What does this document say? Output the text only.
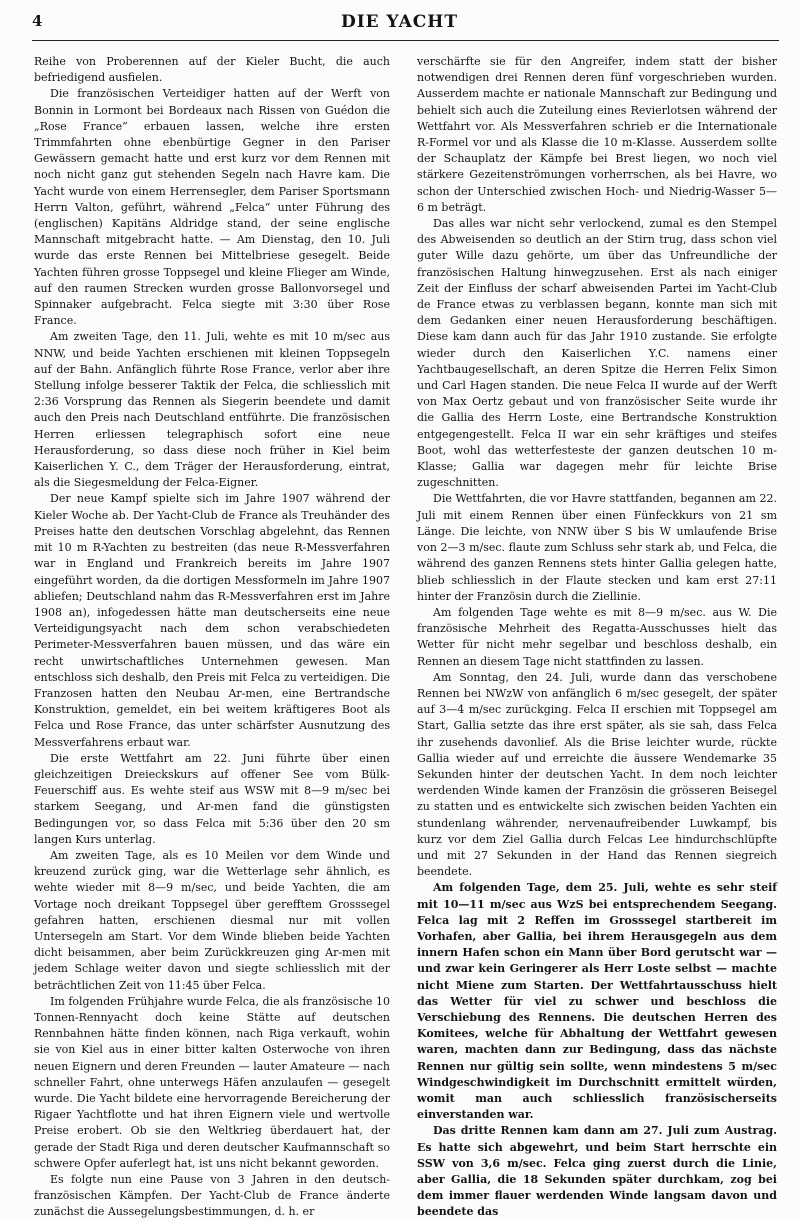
4	DIE YACHT

Reihe von Proberennen auf der Kieler Bucht, die auch befriedigend ausfielen.

Die französischen Verteidiger hatten auf der Werft von Bonnin in Lormont bei Bordeaux nach Rissen von Guédon die „Rose France“ erbauen lassen, welche ihre ersten Trimmfahrten ohne ebenbürtige Gegner in den Pariser Gewässern gemacht hatte und erst kurz vor dem Rennen mit noch nicht ganz gut stehenden Segeln nach Havre kam. Die Yacht wurde von einem Herrensegler, dem Pariser Sportsmann Herrn Valton, geführt, während „Felca“ unter Führung des (englischen) Kapitäns Aldridge stand, der seine englische Mannschaft mitgebracht hatte. — Am Dienstag, den 10. Juli wurde das erste Rennen bei Mittelbriese gesegelt. Beide Yachten führen grosse Toppsegel und kleine Flieger am Winde, auf den raumen Strecken wurden grosse Ballonvorsegel und Spinnaker aufgebracht. Felca siegte mit 3:30 über Rose France.

Am zweiten Tage, den 11. Juli, wehte es mit 10 m/sec aus NNW, und beide Yachten erschienen mit kleinen Toppsegeln auf der Bahn. Anfänglich führte Rose France, verlor aber ihre Stellung infolge besserer Taktik der Felca, die schliesslich mit 2:36 Vorsprung das Rennen als Siegerin beendete und damit auch den Preis nach Deutschland entführte. Die französischen Herren erliessen telegraphisch sofort eine neue Herausforderung, so dass diese noch früher in Kiel beim Kaiserlichen Y. C., dem Träger der Herausforderung, eintrat, als die Siegesmeldung der Felca-Eigner.

Der neue Kampf spielte sich im Jahre 1907 während der Kieler Woche ab. Der Yacht-Club de France als Treuhänder des Preises hatte den deutschen Vorschlag abgelehnt, das Rennen mit 10 m R-Yachten zu bestreiten (das neue R-Messverfahren war in England und Frankreich bereits im Jahre 1907 eingeführt worden, da die dortigen Messformeln im Jahre 1907 abliefen; Deutschland nahm das R-Messverfahren erst im Jahre 1908 an), infogedessen hätte man deutscherseits eine neue Verteidigungsyacht nach dem schon verabschiedeten Perimeter-Messverfahren bauen müssen, und das wäre ein recht unwirtschaftliches Unternehmen gewesen. Man entschloss sich deshalb, den Preis mit Felca zu verteidigen. Die Franzosen hatten den Neubau Ar-men, eine Bertrandsche Konstruktion, gemeldet, ein bei weitem kräftigeres Boot als Felca und Rose France, das unter schärfster Ausnutzung des Messverfahrens erbaut war.

Die erste Wettfahrt am 22. Juni führte über einen gleichzeitigen Dreieckskurs auf offener See vom Bülk-Feuerschiff aus. Es wehte steif aus WSW mit 8—9 m/sec bei starkem Seegang, und Ar-men fand die günstigsten Bedingungen vor, so dass Felca mit 5:36 über den 20 sm langen Kurs unterlag.

Am zweiten Tage, als es 10 Meilen vor dem Winde und kreuzend zurück ging, war die Wetterlage sehr ähnlich, es wehte wieder mit 8—9 m/sec, und beide Yachten, die am Vortage noch dreikant Toppsegel über gerefftem Grosssegel gefahren hatten, erschienen diesmal nur mit vollen Untersegeln am Start. Vor dem Winde blieben beide Yachten dicht beisammen, aber beim Zurückkreuzen ging Ar-men mit jedem Schlage weiter davon und siegte schliesslich mit der beträchtlichen Zeit von 11:45 über Felca.

Im folgenden Frühjahre wurde Felca, die als französische 10 Tonnen-Rennyacht doch keine Stätte auf deutschen Rennbahnen hätte finden können, nach Riga verkauft, wohin sie von Kiel aus in einer bitter kalten Osterwoche von ihren neuen Eignern und deren Freunden — lauter Amateure — nach schneller Fahrt, ohne unterwegs Häfen anzulaufen — gesegelt wurde. Die Yacht bildete eine hervorragende Bereicherung der Rigaer Yachtflotte und hat ihren Eignern viele und wertvolle Preise erobert. Ob sie den Weltkrieg überdauert hat, der gerade der Stadt Riga und deren deutscher Kaufmannschaft so schwere Opfer auferlegt hat, ist uns nicht bekannt geworden.

Es folgte nun eine Pause von 3 Jahren in den deutsch-französischen Kämpfen. Der Yacht-Club de France änderte zunächst die Aussegelungsbestimmungen, d. h. er

verschärfte sie für den Angreifer, indem statt der bisher notwendigen drei Rennen deren fünf vorgeschrieben wurden. Ausserdem machte er nationale Mannschaft zur Bedingung und behielt sich auch die Zuteilung eines Revierlotsen während der Wettfahrt vor. Als Messverfahren schrieb er die Internationale R-Formel vor und als Klasse die 10 m-Klasse. Ausserdem sollte der Schauplatz der Kämpfe bei Brest liegen, wo noch viel stärkere Gezeitenströmungen vorherrschen, als bei Havre, wo schon der Unterschied zwischen Hoch- und Niedrig-Wasser 5—6 m beträgt.

Das alles war nicht sehr verlockend, zumal es den Stempel des Abweisenden so deutlich an der Stirn trug, dass schon viel guter Wille dazu gehörte, um über das Unfreundliche der französischen Haltung hinwegzusehen. Erst als nach einiger Zeit der Einfluss der scharf abweisenden Partei im Yacht-Club de France etwas zu verblassen begann, konnte man sich mit dem Gedanken einer neuen Herausforderung beschäftigen. Diese kam dann auch für das Jahr 1910 zustande. Sie erfolgte wieder durch den Kaiserlichen Y.C. namens einer Yachtbaugesellschaft, an deren Spitze die Herren Felix Simon und Carl Hagen standen. Die neue Felca II wurde auf der Werft von Max Oertz gebaut und von französischer Seite wurde ihr die Gallia des Herrn Loste, eine Bertrandsche Konstruktion entgegengestellt. Felca II war ein sehr kräftiges und steifes Boot, wohl das wetterfesteste der ganzen deutschen 10 m-Klasse; Gallia war dagegen mehr für leichte Brise zugeschnitten.

Die Wettfahrten, die vor Havre stattfanden, begannen am 22. Juli mit einem Rennen über einen Fünfeckkurs von 21 sm Länge. Die leichte, von NNW über S bis W umlaufende Brise von 2—3 m/sec. flaute zum Schluss sehr stark ab, und Felca, die während des ganzen Rennens stets hinter Gallia gelegen hatte, blieb schliesslich in der Flaute stecken und kam erst 27:11 hinter der Französin durch die Ziellinie.

Am folgenden Tage wehte es mit 8—9 m/sec. aus W. Die französische Mehrheit des Regatta-Ausschusses hielt das Wetter für nicht mehr segelbar und beschloss deshalb, ein Rennen an diesem Tage nicht stattfinden zu lassen.

Am Sonntag, den 24. Juli, wurde dann das verschobene Rennen bei NWzW von anfänglich 6 m/sec gesegelt, der später auf 3—4 m/sec zurückging. Felca II erschien mit Toppsegel am Start, Gallia setzte das ihre erst später, als sie sah, dass Felca ihr zusehends davonlief. Als die Brise leichter wurde, rückte Gallia wieder auf und erreichte die äussere Wendemarke 35 Sekunden hinter der deutschen Yacht. In dem noch leichter werdenden Winde kamen der Französin die grösseren Beisegel zu statten und es entwickelte sich zwischen beiden Yachten ein stundenlang währender, nervenaufreibender Luwkampf, bis kurz vor dem Ziel Gallia durch Felcas Lee hindurchschlüpfte und mit 27 Sekunden in der Hand das Rennen siegreich beendete.

Am folgenden Tage, dem 25. Juli, wehte es sehr steif mit 10—11 m/sec aus WzS bei entsprechendem Seegang. Felca lag mit 2 Reffen im Grosssegel startbereit im Vorhafen, aber Gallia, bei ihrem Herausgegeln aus dem innern Hafen schon ein Mann über Bord gerutscht war — und zwar kein Geringerer als Herr Loste selbst — machte nicht Miene zum Starten. Der Wettfahrtausschuss hielt das Wetter für viel zu schwer und beschloss die Verschiebung des Rennens. Die deutschen Herren des Komitees, welche für Abhaltung der Wettfahrt gewesen waren, machten dann zur Bedingung, dass das nächste Rennen nur gültig sein sollte, wenn mindestens 5 m/sec Windgeschwindigkeit im Durchschnitt ermittelt würden, womit man auch schliesslich französischerseits einverstanden war.

Das dritte Rennen kam dann am 27. Juli zum Austrag. Es hatte sich abgewehrt, und beim Start herrschte ein SSW von 3,6 m/sec. Felca ging zuerst durch die Linie, aber Gallia, die 18 Sekunden später durchkam, zog bei dem immer flauer werdenden Winde langsam davon und beendete das
